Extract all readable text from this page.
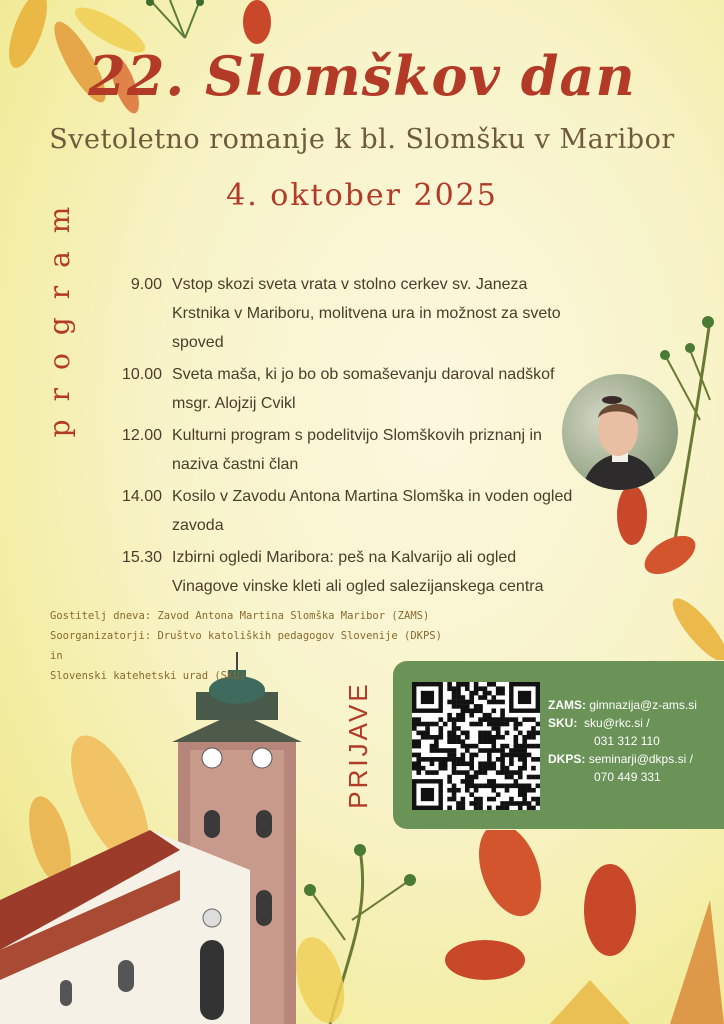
22. Slomškov dan
Svetoletno romanje k bl. Slomšku v Maribor
4. oktober 2025
program	9.00 Vstop skozi sveta vrata v stolno cerkev sv. Janeza Krstnika v Mariboru, molitvena ura in možnost za sveto spoved
10.00 Sveta maša, ki jo bo ob somaševanju daroval nadškof msgr. Alojzij Cvikl
12.00 Kulturni program s podelitvijo Slomškovih priznanj in naziva častni član
14.00 Kosilo v Zavodu Antona Martina Slomška in voden ogled zavoda
15.30 Izbirni ogledi Maribora: peš na Kalvarijo ali ogled Vinagove vinske kleti ali ogled salezijanskega centra
Gostitelj dneva: Zavod Antona Martina Slomška Maribor (ZAMS)
Soorganizatorji: Društvo katoliških pedagogov Slovenije (DKPS) in
Slovenski katehetski urad (SKU)
PRIJAVE	ZAMS: gimnazija@z-ams.si
SKU: sku@rkc.si /
031 312 110
DKPS: seminarji@dkps.si /
070 449 331
